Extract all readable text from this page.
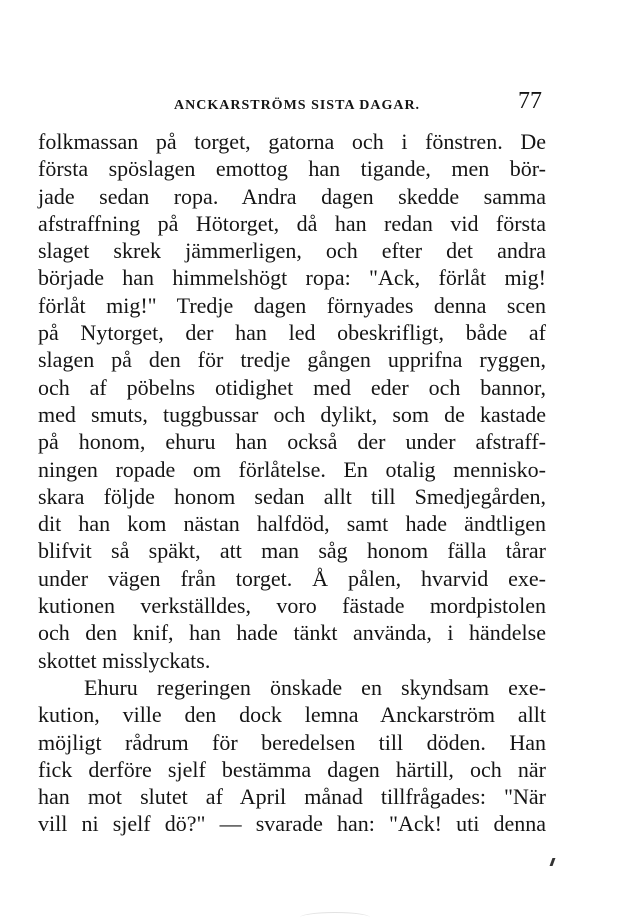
ANCKARSTRÖMS SISTA DAGAR.	77
folkmassan på torget, gatorna och i fönstren. De
första spöslagen emottog han tigande, men bör-
jade sedan ropa. Andra dagen skedde samma
afstraffning på Hötorget, då han redan vid första
slaget skrek jämmerligen, och efter det andra
började han himmelshögt ropa: "Ack, förlåt mig!
förlåt mig!" Tredje dagen förnyades denna scen
på Nytorget, der han led obeskrifligt, både af
slagen på den för tredje gången upprifna ryggen,
och af pöbelns otidighet med eder och bannor,
med smuts, tuggbussar och dylikt, som de kastade
på honom, ehuru han också der under afstraff-
ningen ropade om förlåtelse. En otalig mennisko-
skara följde honom sedan allt till Smedjegården,
dit han kom nästan halfdöd, samt hade ändtligen
blifvit så späkt, att man såg honom fälla tårar
under vägen från torget. Å pålen, hvarvid exe-
kutionen verkställdes, voro fästade mordpistolen
och den knif, han hade tänkt använda, i händelse
skottet misslyckats.
Ehuru regeringen önskade en skyndsam exe-
kution, ville den dock lemna Anckarström allt
möjligt rådrum för beredelsen till döden. Han
fick derföre sjelf bestämma dagen härtill, och när
han mot slutet af April månad tillfrågades: "När
vill ni sjelf dö?" — svarade han: "Ack! uti denna
